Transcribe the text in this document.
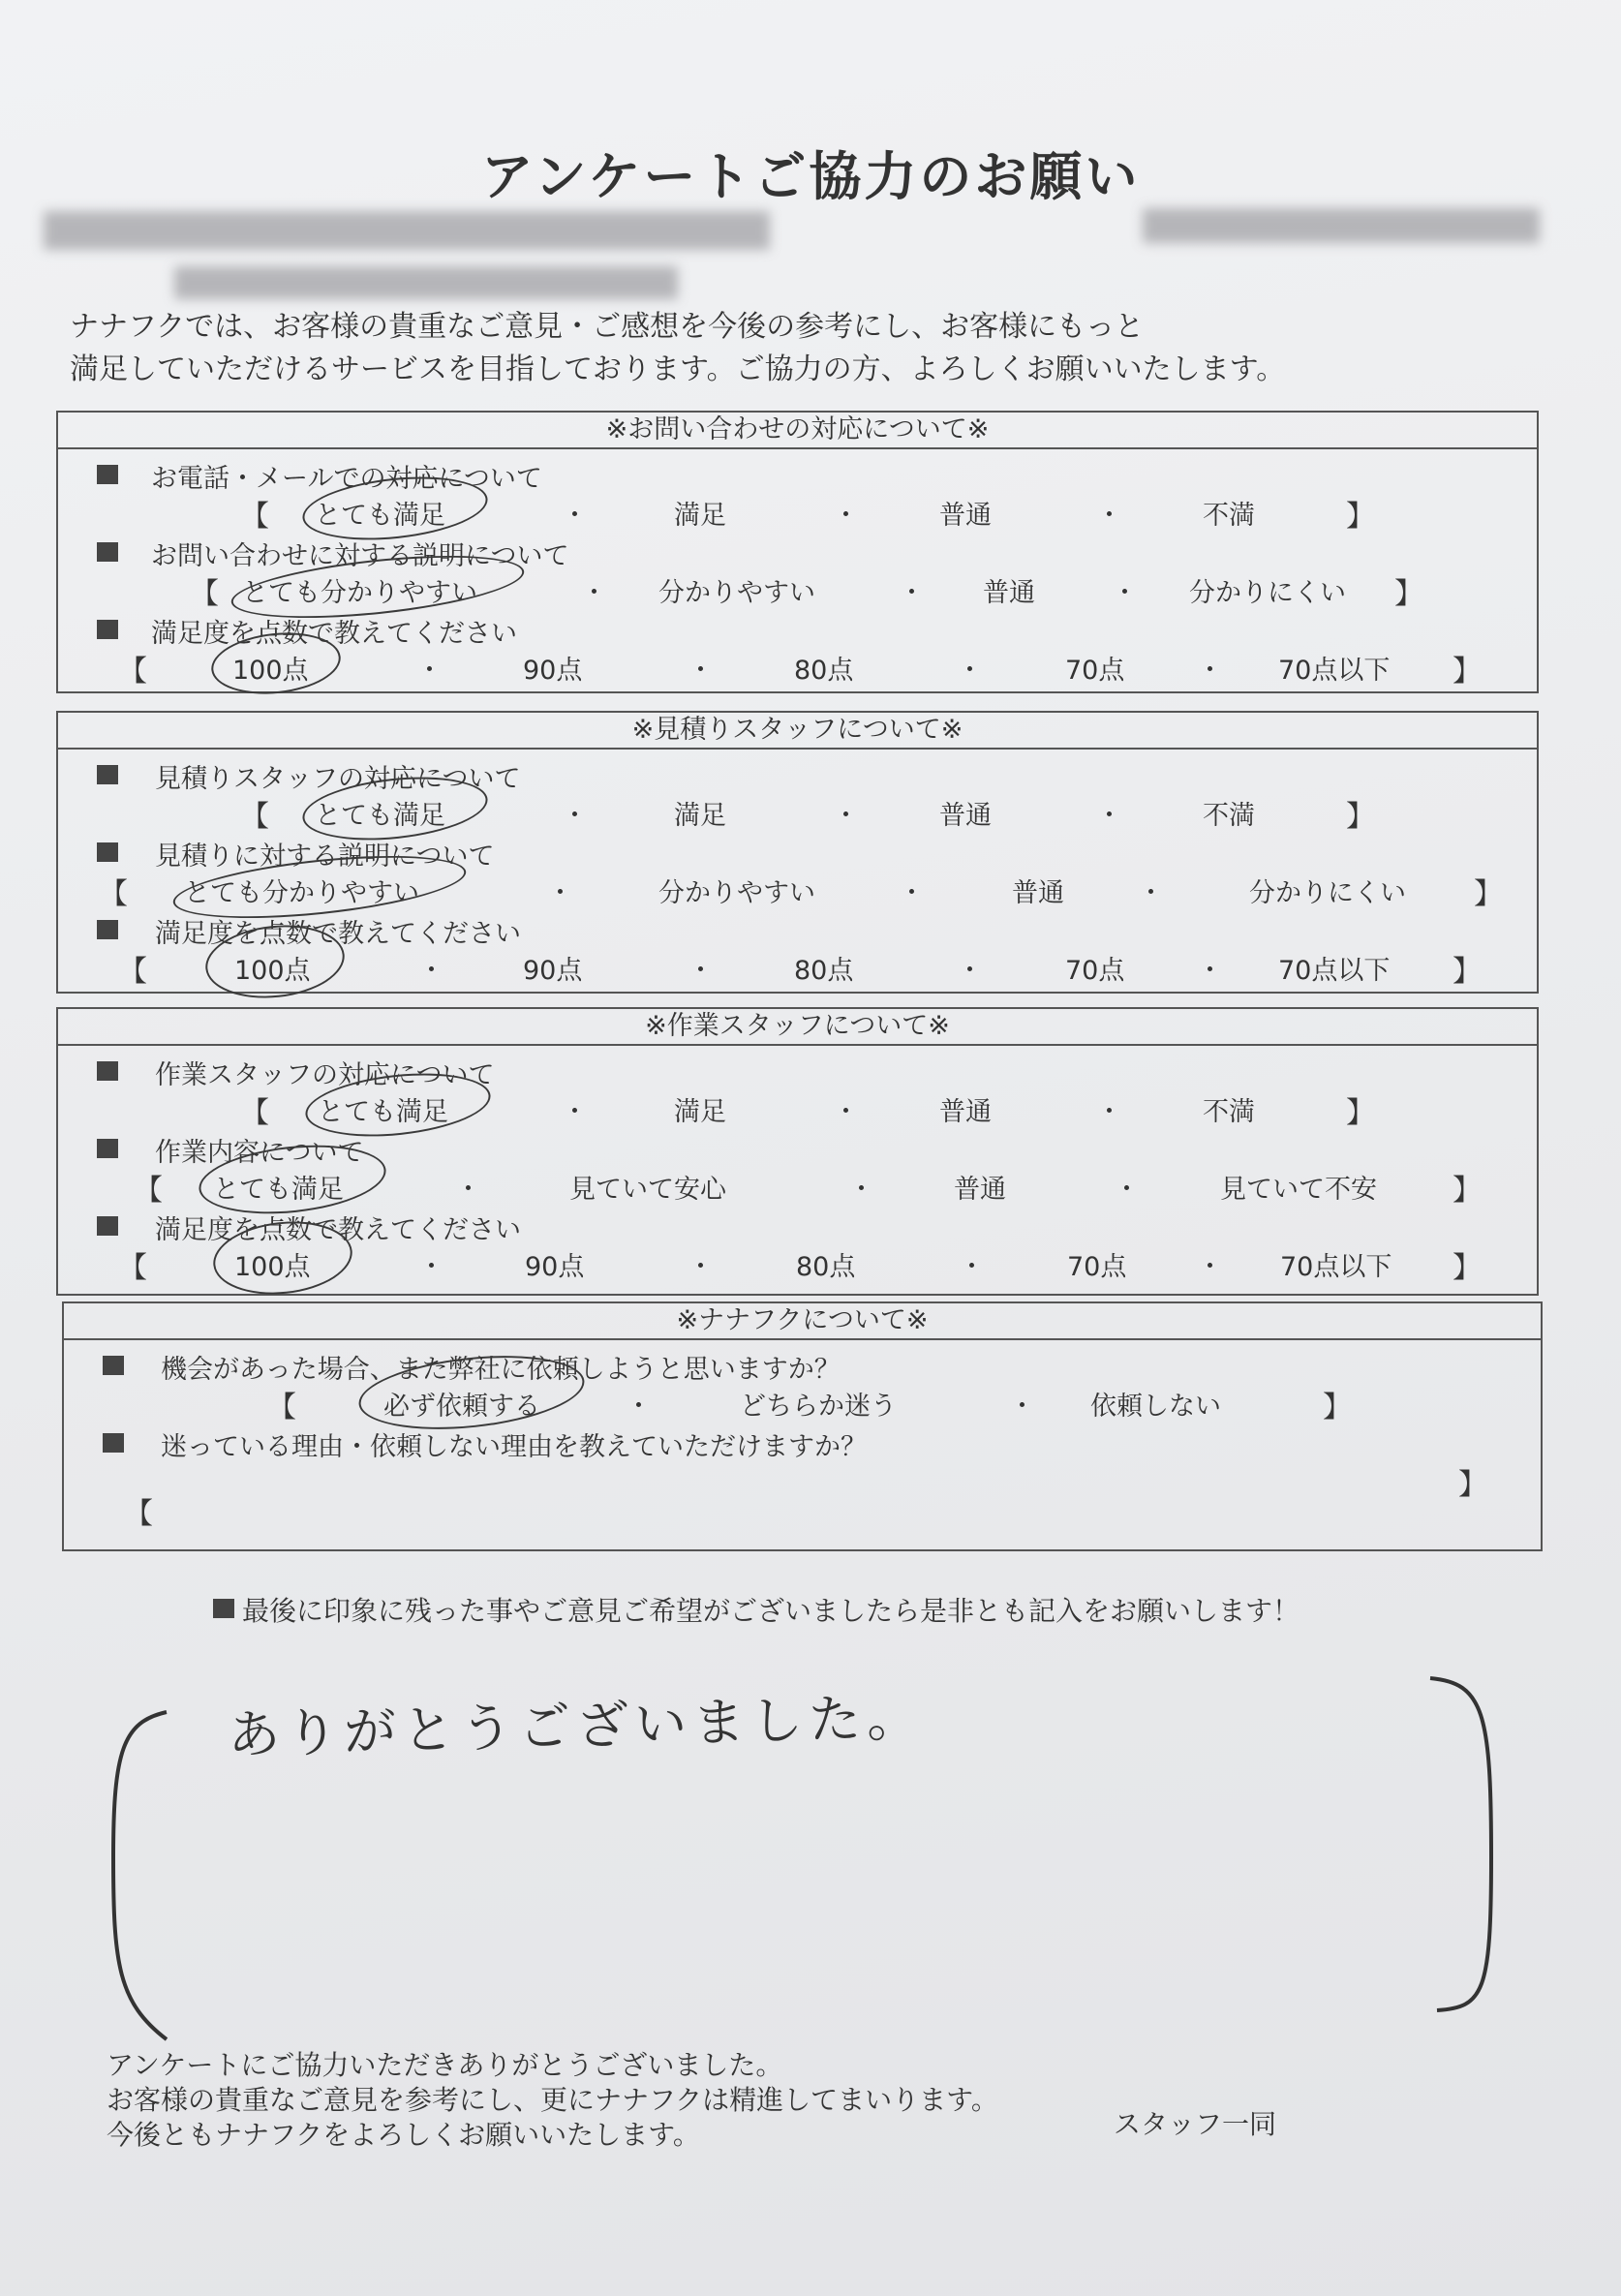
アンケートご協力のお願い
ナナフクでは、お客様の貴重なご意見・ご感想を今後の参考にし、お客様にもっと
満足していただけるサービスを目指しております。ご協力の方、よろしくお願いいたします。
※お問い合わせの対応について※
お電話・メールでの対応について
【 とても満足	・	満足	・	普通	・	不満	】
お問い合わせに対する説明について
【 とても分かりやすい	・ 分かりやすい	・ 普通	・ 分かりにくい 】
満足度を点数で教えてください
【	100点	・	90点	・	80点	・	70点	・ 70点以下 】
※見積りスタッフについて※
見積りスタッフの対応について
【 とても満足	・	満足	・	普通	・	不満	】
見積りに対する説明について
【 とても分かりやすい	・	分かりやすい	・	普通	・	分かりにくい 】
満足度を点数で教えてください
【	100点	・	90点	・	80点	・	70点	・ 70点以下 】
※作業スタッフについて※
作業スタッフの対応について
【 とても満足	・	満足	・	普通	・	不満	】
作業内容について
【 とても満足	・	見ていて安心	・	普通	・	見ていて不安	】
満足度を点数で教えてください
【	100点	・	90点	・	80点	・	70点	・ 70点以下 】
※ナナフクについて※
機会があった場合、また弊社に依頼しようと思いますか？
【	必ず依頼する	・	どちらか迷う	・ 依頼しない	】
迷っている理由・依頼しない理由を教えていただけますか？
】
【
最後に印象に残った事やご意見ご希望がございましたら是非とも記入をお願いします！
ありがとうございました。
アンケートにご協力いただきありがとうございました。
お客様の貴重なご意見を参考にし、更にナナフクは精進してまいります。
今後ともナナフクをよろしくお願いいたします。	スタッフ一同
